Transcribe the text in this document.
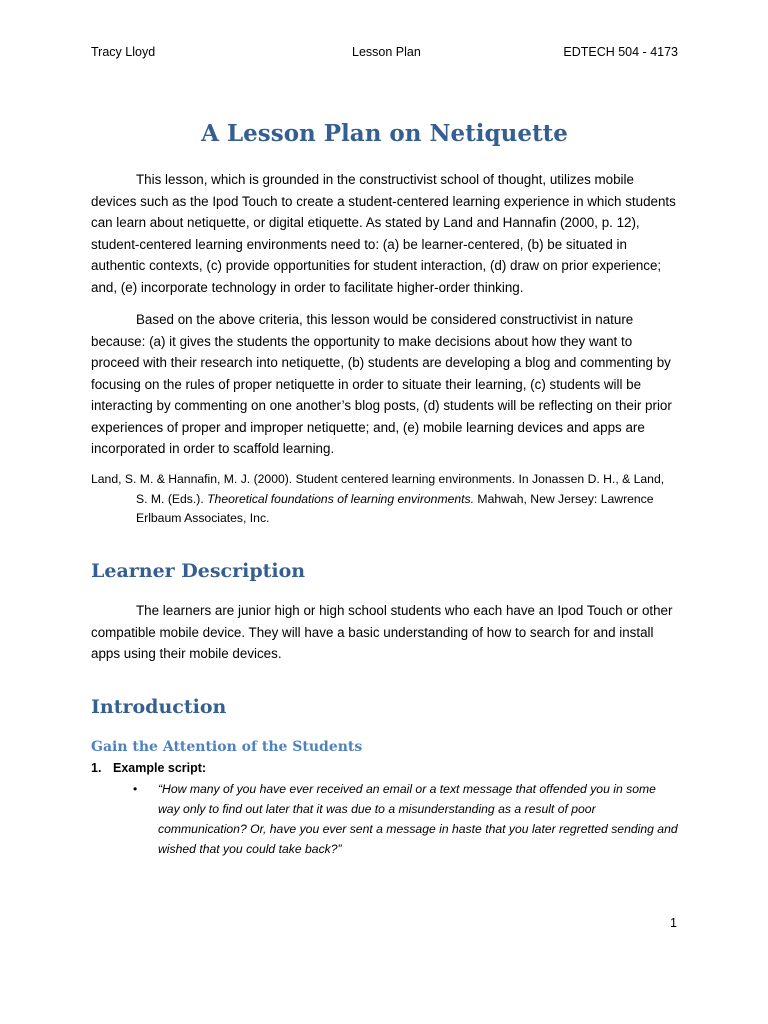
Tracy Lloyd	Lesson Plan	EDTECH 504 - 4173
A Lesson Plan on Netiquette

This lesson, which is grounded in the constructivist school of thought, utilizes mobile devices such as the Ipod Touch to create a student-centered learning experience in which students can learn about netiquette, or digital etiquette. As stated by Land and Hannafin (2000, p. 12), student-centered learning environments need to: (a) be learner-centered, (b) be situated in authentic contexts, (c) provide opportunities for student interaction, (d) draw on prior experience; and, (e) incorporate technology in order to facilitate higher-order thinking.

Based on the above criteria, this lesson would be considered constructivist in nature because: (a) it gives the students the opportunity to make decisions about how they want to proceed with their research into netiquette, (b) students are developing a blog and commenting by focusing on the rules of proper netiquette in order to situate their learning, (c) students will be interacting by commenting on one another’s blog posts, (d) students will be reflecting on their prior experiences of proper and improper netiquette; and, (e) mobile learning devices and apps are incorporated in order to scaffold learning.

Land, S. M. & Hannafin, M. J. (2000). Student centered learning environments. In Jonassen D. H., & Land, S. M. (Eds.). Theoretical foundations of learning environments. Mahwah, New Jersey: Lawrence Erlbaum Associates, Inc.
Learner Description

The learners are junior high or high school students who each have an Ipod Touch or other compatible mobile device. They will have a basic understanding of how to search for and install apps using their mobile devices.

Introduction
Gain the Attention of the Students
1. Example script:
• “How many of you have ever received an email or a text message that offended you in some way only to find out later that it was due to a misunderstanding as a result of poor communication? Or, have you ever sent a message in haste that you later regretted sending and wished that you could take back?”
1
